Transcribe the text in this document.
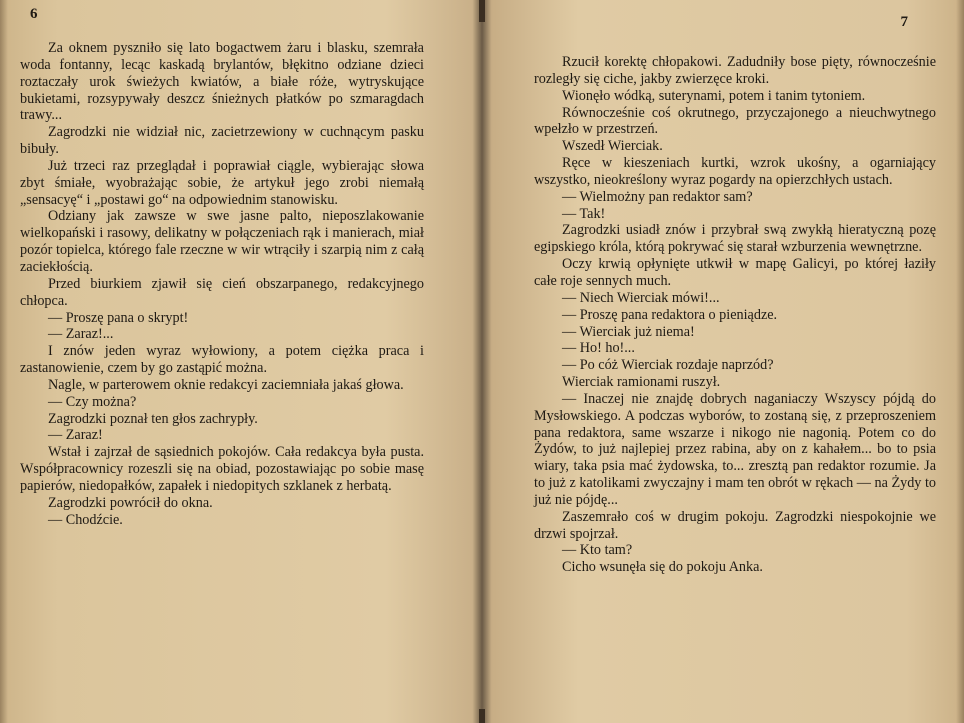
6

Za oknem pyszniło się lato bogactwem żaru i blasku, szemrała woda fontanny, lecąc kaskadą brylantów, błękitno odziane dzieci roztaczały urok świeżych kwiatów, a białe róże, wytryskujące bukietami, rozsypywały deszcz śnieżnych płatków po szmaragdach trawy...

Zagrodzki nie widział nic, zacietrzewiony w cuchnącym pasku bibuły.

Już trzeci raz przeglądał i poprawiał ciągle, wybierając słowa zbyt śmiałe, wyobrażając sobie, że artykuł jego zrobi niemałą „sensacyę“ i „postawi go“ na odpowiednim stanowisku.

Odziany jak zawsze w swe jasne palto, nieposzlakowanie wielkopański i rasowy, delikatny w połączeniach rąk i manierach, miał pozór topielca, którego fale rzeczne w wir wtrąciły i szarpią nim z całą zaciekłością.

Przed biurkiem zjawił się cień obszarpanego, redakcyjnego chłopca.

— Proszę pana o skrypt!

— Zaraz!...

I znów jeden wyraz wyłowiony, a potem ciężka praca i zastanowienie, czem by go zastąpić można.

Nagle, w parterowem oknie redakcyi zaciemniała jakaś głowa.

— Czy można?

Zagrodzki poznał ten głos zachrypły.

— Zaraz!

Wstał i zajrzał de sąsiednich pokojów. Cała redakcya była pusta. Współpracownicy rozeszli się na obiad, pozostawiając po sobie masę papierów, niedopałków, zapałek i niedopitych szklanek z herbatą.

Zagrodzki powrócił do okna.

— Chodźcie.

7

Rzucił korektę chłopakowi. Zadudniły bose pięty, równocześnie rozległy się ciche, jakby zwierzęce kroki.

Wionęło wódką, suterynami, potem i tanim tytoniem.

Równocześnie coś okrutnego, przyczajonego a nieuchwytnego wpełzło w przestrzeń.

Wszedł Wierciak.

Ręce w kieszeniach kurtki, wzrok ukośny, a ogarniający wszystko, nieokreślony wyraz pogardy na opierzchłych ustach.

— Wielmożny pan redaktor sam?

— Tak!

Zagrodzki usiadł znów i przybrał swą zwykłą hieratyczną pozę egipskiego króla, którą pokrywać się starał wzburzenia wewnętrzne.

Oczy krwią opłynięte utkwił w mapę Galicyi, po której łaziły całe roje sennych much.

— Niech Wierciak mówi!...

— Proszę pana redaktora o pieniądze.

— Wierciak już niema!

— Ho! ho!...

— Po cóż Wierciak rozdaje naprzód?

Wierciak ramionami ruszył.

— Inaczej nie znajdę dobrych naganiaczy Wszyscy pójdą do Mysłowskiego. A podczas wyborów, to zostaną się, z przeproszeniem pana redaktora, same wszarze i nikogo nie nagonią. Potem co do Żydów, to już najlepiej przez rabina, aby on z kahałem... bo to psia wiary, taka psia mać żydowska, to... zresztą pan redaktor rozumie. Ja to już z katolikami zwyczajny i mam ten obrót w rękach — na Żydy to już nie pójdę...

Zaszemrało coś w drugim pokoju. Zagrodzki niespokojnie we drzwi spojrzał.

— Kto tam?

Cicho wsunęła się do pokoju Anka.
